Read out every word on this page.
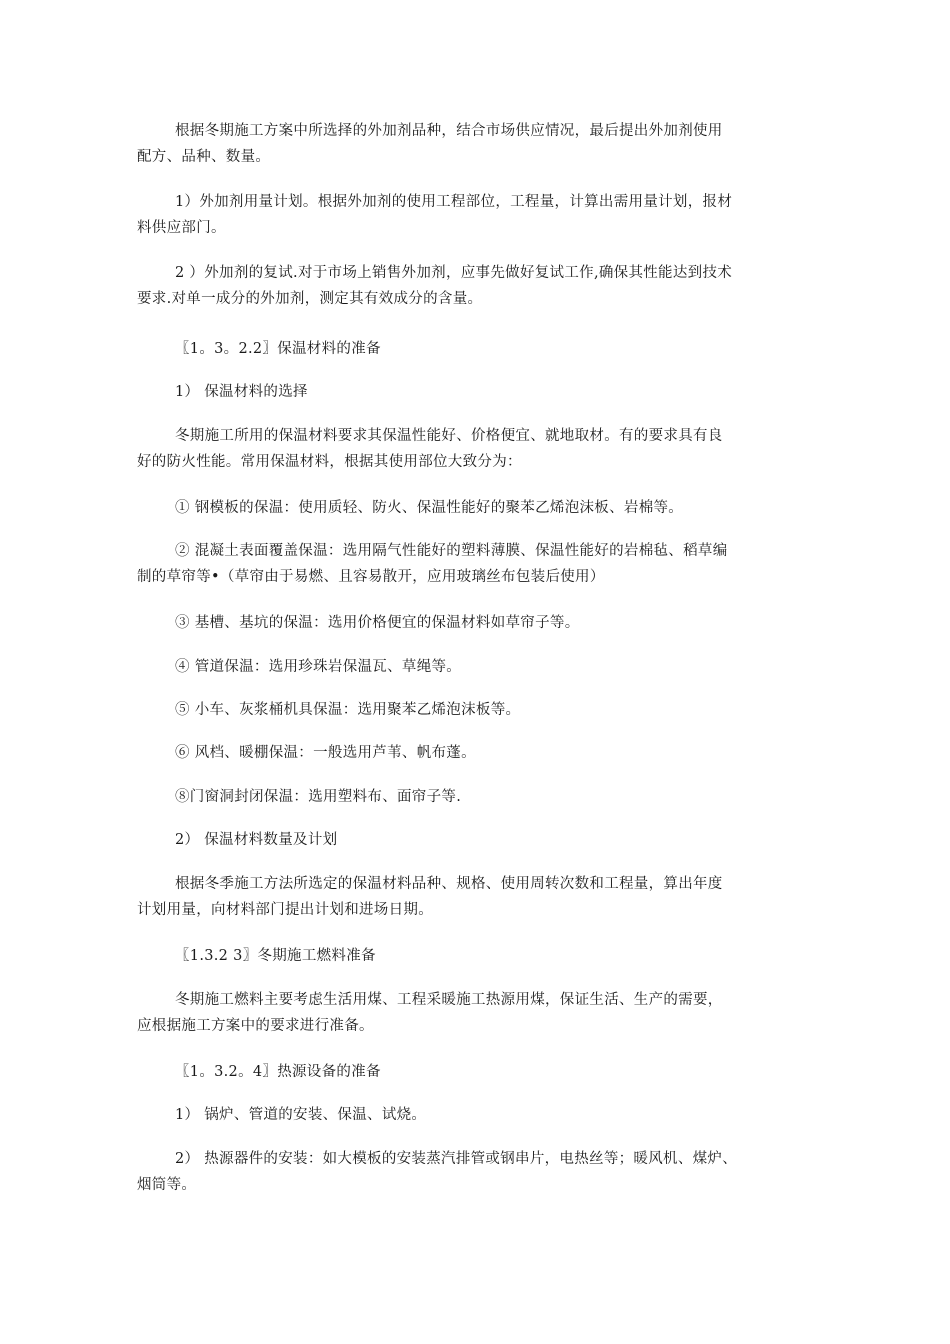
根据冬期施工方案中所选择的外加剂品种，结合市场供应情况，最后提出外加剂使用
配方、品种、数量。

1）外加剂用量计划。根据外加剂的使用工程部位，工程量，计算出需用量计划，报材
料供应部门。

2 ）外加剂的复试.对于市场上销售外加剂，应事先做好复试工作,确保其性能达到技术
要求.对单一成分的外加剂，测定其有效成分的含量。

〖1。3。2.2〗保温材料的准备

1） 保温材料的选择

冬期施工所用的保温材料要求其保温性能好、价格便宜、就地取材。有的要求具有良
好的防火性能。常用保温材料，根据其使用部位大致分为：

① 钢模板的保温：使用质轻、防火、保温性能好的聚苯乙烯泡沫板、岩棉等。

② 混凝土表面覆盖保温：选用隔气性能好的塑料薄膜、保温性能好的岩棉毡、稻草编
制的草帘等•（草帘由于易燃、且容易散开，应用玻璃丝布包装后使用）

③ 基槽、基坑的保温：选用价格便宜的保温材料如草帘子等。

④ 管道保温：选用珍珠岩保温瓦、草绳等。

⑤ 小车、灰浆桶机具保温：选用聚苯乙烯泡沫板等。

⑥ 风档、暖棚保温：一般选用芦苇、帆布蓬。

⑧门窗洞封闭保温：选用塑料布、面帘子等.

2） 保温材料数量及计划

根据冬季施工方法所选定的保温材料品种、规格、使用周转次数和工程量，算出年度
计划用量，向材料部门提出计划和进场日期。

〖1.3.2 3〗冬期施工燃料准备

冬期施工燃料主要考虑生活用煤、工程采暖施工热源用煤，保证生活、生产的需要，
应根据施工方案中的要求进行准备。

〖1。3.2。4〗热源设备的准备

1） 锅炉、管道的安装、保温、试烧。

2） 热源器件的安装：如大模板的安装蒸汽排管或钢串片，电热丝等；暖风机、煤炉、
烟筒等。
